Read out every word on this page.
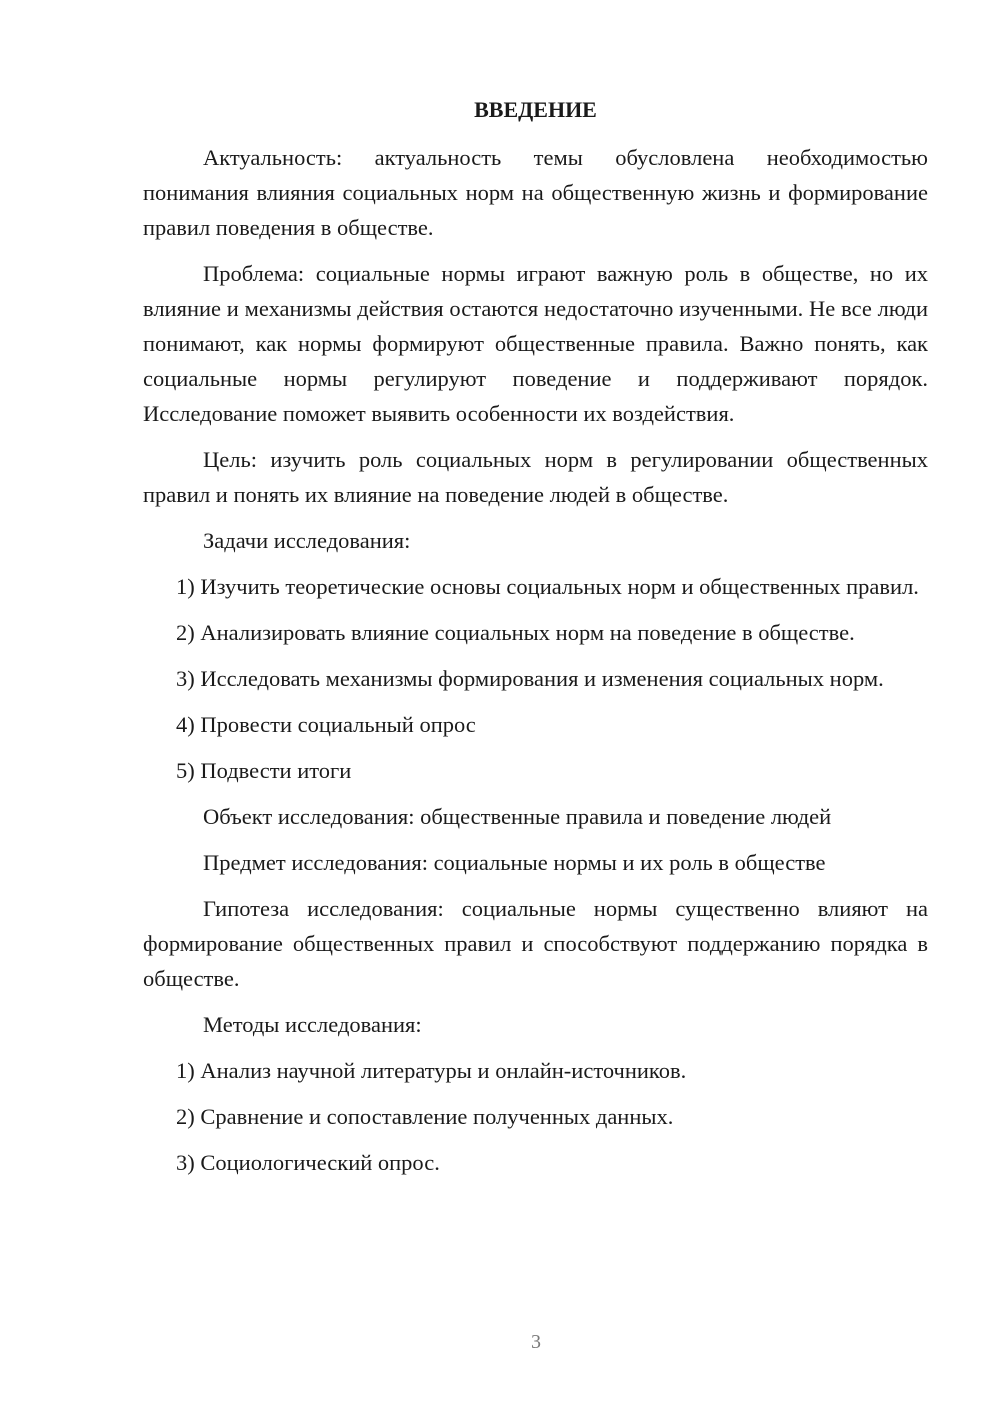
ВВЕДЕНИЕ

Актуальность: актуальность темы обусловлена необходимостью понимания влияния социальных норм на общественную жизнь и формирование правил поведения в обществе.

Проблема: социальные нормы играют важную роль в обществе, но их влияние и механизмы действия остаются недостаточно изученными. Не все люди понимают, как нормы формируют общественные правила. Важно понять, как социальные нормы регулируют поведение и поддерживают порядок. Исследование поможет выявить особенности их воздействия.

Цель: изучить роль социальных норм в регулировании общественных правил и понять их влияние на поведение людей в обществе.

Задачи исследования:

1) Изучить теоретические основы социальных норм и общественных правил.

2) Анализировать влияние социальных норм на поведение в обществе.

3) Исследовать механизмы формирования и изменения социальных норм.

4) Провести социальный опрос

5) Подвести итоги

Объект исследования: общественные правила и поведение людей

Предмет исследования: социальные нормы и их роль в обществе

Гипотеза исследования: социальные нормы существенно влияют на формирование общественных правил и способствуют поддержанию порядка в обществе.

Методы исследования:

1) Анализ научной литературы и онлайн-источников.

2) Сравнение и сопоставление полученных данных.

3) Социологический опрос.

3
